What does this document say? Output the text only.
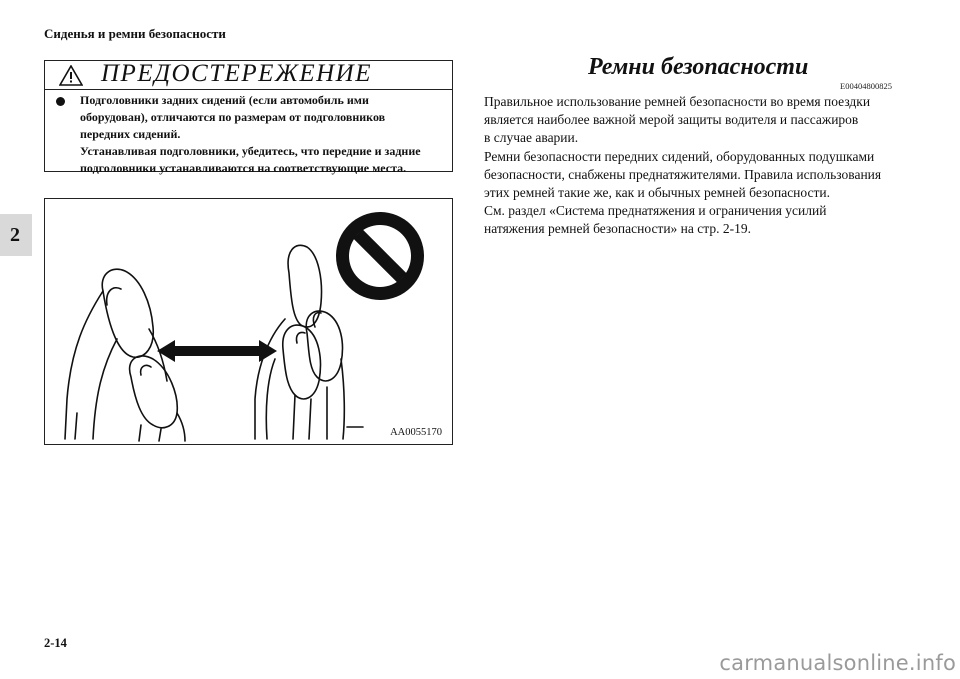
Сиденья и ремни безопасности
2
ПРЕДОСТЕРЕЖЕНИЕ
Подголовники задних сидений (если автомобиль ими
оборудован), отличаются по размерам от подголовников
передних сидений.
Устанавливая подголовники, убедитесь, что передние и задние
подголовники устанавливаются на соответствующие места.
AA0055170
Ремни безопасности
E00404800825
Правильное использование ремней безопасности во время поездки
является наиболее важной мерой защиты водителя и пассажиров
в случае аварии.
Ремни безопасности передних сидений, оборудованных подушками
безопасности, снабжены преднатяжителями. Правила использования
этих ремней такие же, как и обычных ремней безопасности.
См. раздел «Система преднатяжения и ограничения усилий
натяжения ремней безопасности» на стр. 2-19.
2-14
carmanualsonline.info
